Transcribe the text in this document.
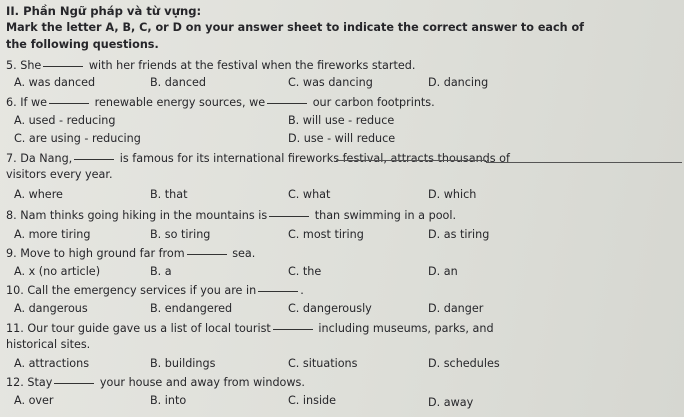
II. Phần Ngữ pháp và từ vựng:
Mark the letter A, B, C, or D on your answer sheet to indicate the correct answer to each of
the following questions.
5. She	with her friends at the festival when the fireworks started.
A. was danced	B. danced	C. was dancing	D. dancing
6. If we	renewable energy sources, we	our carbon footprints.
A. used - reducing	B. will use - reduce
C. are using - reducing	D. use - will reduce
7. Da Nang,	is famous for its international fireworks festival, attracts thousands of
visitors every year.
A. where	B. that	C. what	D. which
8. Nam thinks going hiking in the mountains is	than swimming in a pool.
A. more tiring	B. so tiring	C. most tiring	D. as tiring
9. Move to high ground far from	sea.
A. x (no article)	B. a	C. the	D. an
10. Call the emergency services if you are in	.
A. dangerous	B. endangered	C. dangerously	D. danger
11. Our tour guide gave us a list of local tourist	including museums, parks, and
historical sites.
A. attractions	B. buildings	C. situations	D. schedules
12. Stay	your house and away from windows.
A. over	B. into	C. inside	D. away
